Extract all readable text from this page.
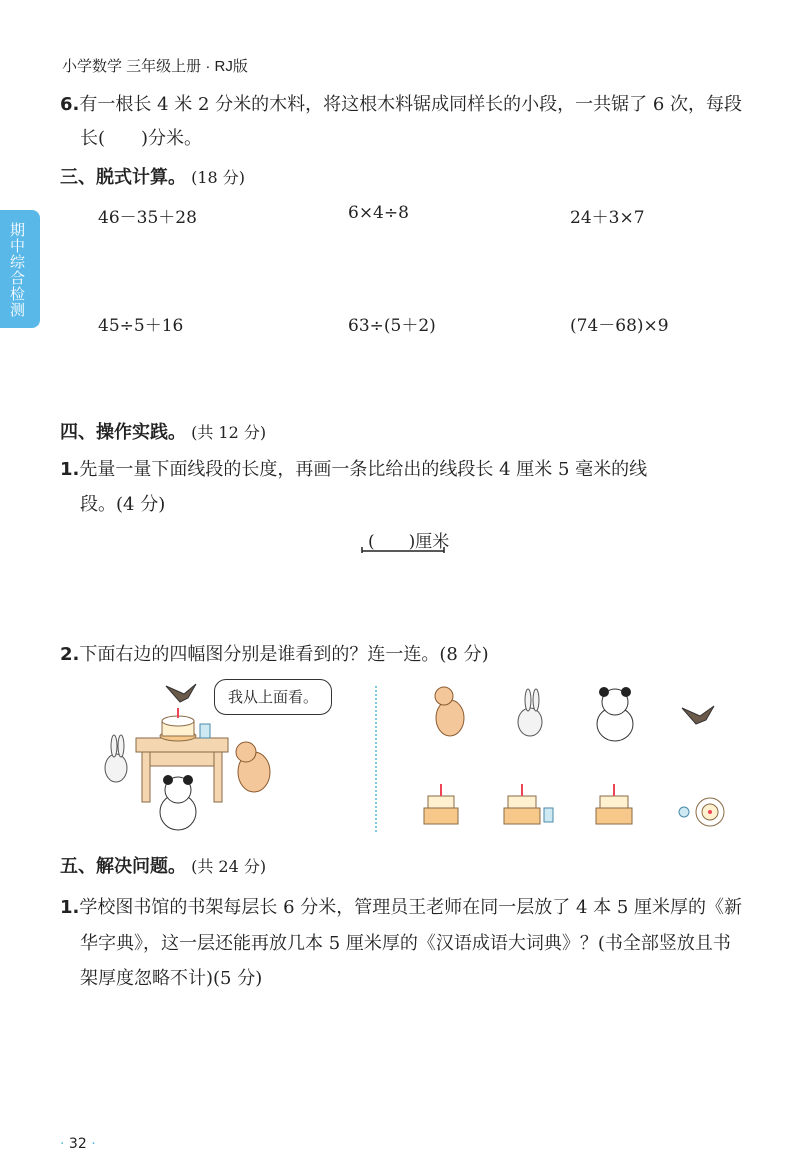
小学数学 三年级上册 · RJ版
期中综合检测
6.有一根长 4 米 2 分米的木料，将这根木料锯成同样长的小段，一共锯了 6 次，每段
长(　　)分米。
三、脱式计算。 (18 分)
46－35＋28	6×4÷8	24＋3×7
45÷5＋16	63÷(5＋2)	(74－68)×9
四、操作实践。 (共 12 分)
1.先量一量下面线段的长度，再画一条比给出的线段长 4 厘米 5 毫米的线
段。(4 分)
(　　)厘米
2.下面右边的四幅图分别是谁看到的？连一连。(8 分)
我从上面看。
五、解决问题。 (共 24 分)
1.学校图书馆的书架每层长 6 分米，管理员王老师在同一层放了 4 本 5 厘米厚的《新
华字典》，这一层还能再放几本 5 厘米厚的《汉语成语大词典》？(书全部竖放且书
架厚度忽略不计)(5 分)
· 32 ·
